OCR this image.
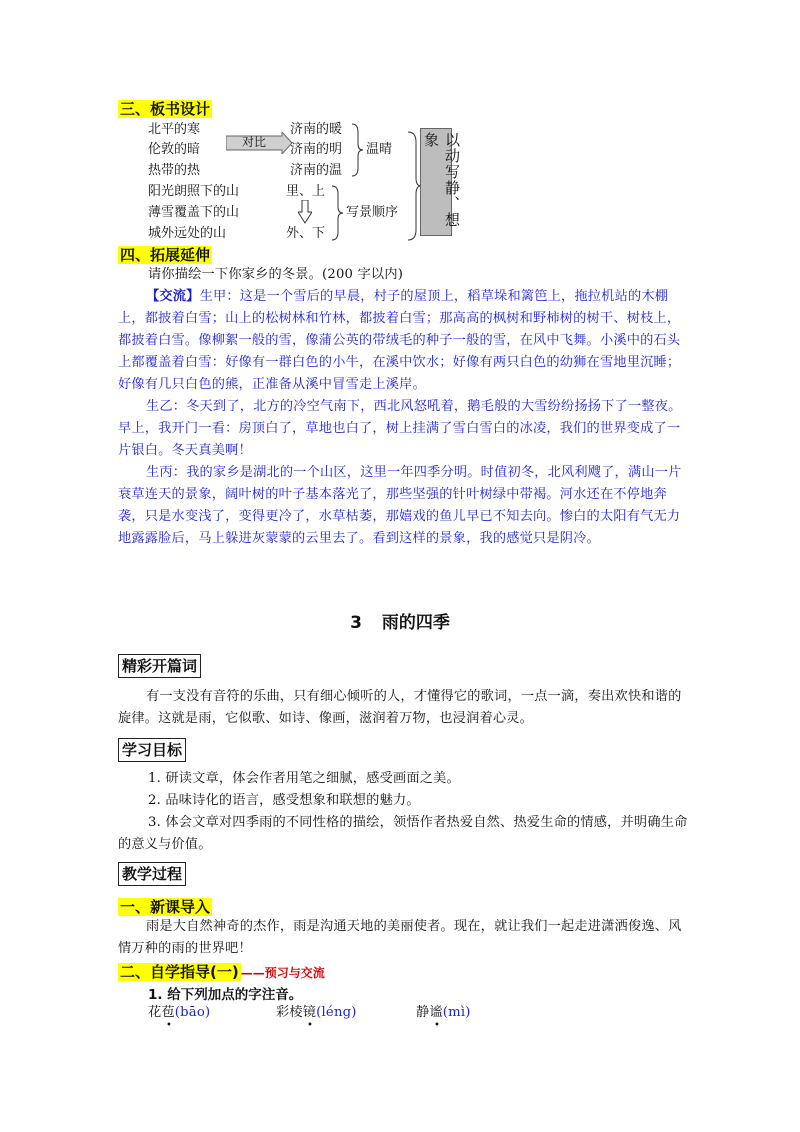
三、板书设计
北平的寒
伦敦的暗
热带的热
阳光朗照下的山
薄雪覆盖下的山
城外远处的山
对比
济南的暖
济南的明
济南的温
温晴
里、上
外、下
写景顺序	以动写静、想象
四、拓展延伸
请你描绘一下你家乡的冬景。(200 字以内)
【交流】生甲：这是一个雪后的早晨，村子的屋顶上，稻草垛和篱笆上，拖拉机站的木棚上，都披着白雪；山上的松树林和竹林，都披着白雪；那高高的枫树和野柿树的树干、树枝上，都披着白雪。像柳絮一般的雪，像蒲公英的带绒毛的种子一般的雪，在风中飞舞。小溪中的石头上都覆盖着白雪：好像有一群白色的小牛，在溪中饮水；好像有两只白色的幼狮在雪地里沉睡；好像有几只白色的熊，正准备从溪中冒雪走上溪岸。
生乙：冬天到了，北方的冷空气南下，西北风怒吼着，鹅毛般的大雪纷纷扬扬下了一整夜。早上，我开门一看：房顶白了，草地也白了，树上挂满了雪白雪白的冰凌，我们的世界变成了一片银白。冬天真美啊！
生丙：我的家乡是湖北的一个山区，这里一年四季分明。时值初冬，北风利飕了，满山一片衰草连天的景象，阔叶树的叶子基本落光了，那些坚强的针叶树绿中带褐。河水还在不停地奔袭，只是水变浅了，变得更冷了，水草枯萎，那嬉戏的鱼儿早已不知去向。惨白的太阳有气无力地露露脸后，马上躲进灰蒙蒙的云里去了。看到这样的景象，我的感觉只是阴冷。
3 雨的四季
精彩开篇词
有一支没有音符的乐曲，只有细心倾听的人，才懂得它的歌词，一点一滴，奏出欢快和谐的旋律。这就是雨，它似歌、如诗、像画，滋润着万物，也浸润着心灵。
学习目标
1. 研读文章，体会作者用笔之细腻，感受画面之美。
2. 品味诗化的语言，感受想象和联想的魅力。
3. 体会文章对四季雨的不同性格的描绘，领悟作者热爱自然、热爱生命的情感，并明确生命的意义与价值。
教学过程
一、新课导入
雨是大自然神奇的杰作，雨是沟通天地的美丽使者。现在，就让我们一起走进潇洒俊逸、风情万种的雨的世界吧！
二、自学指导(一) ——预习与交流
1. 给下列加点的字注音。
花苞(bāo)	彩棱镜(léng)	静谧(mì)
•	•	•
